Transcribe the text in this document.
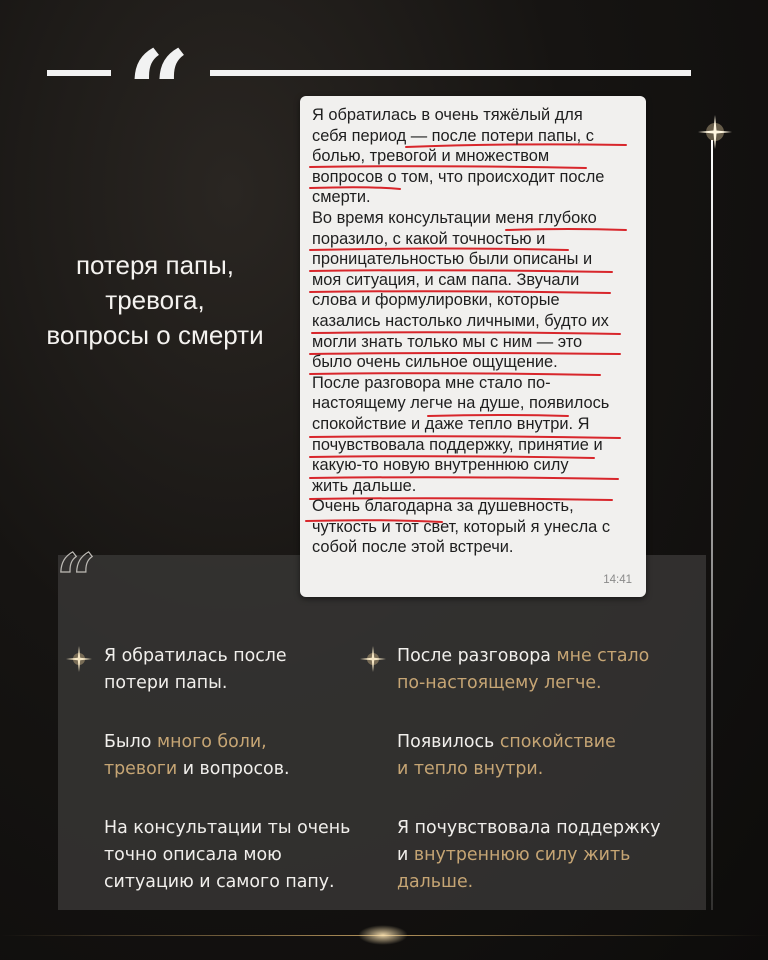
“
потеря папы,
тревога,
вопросы о смерти
“
Я обратилась в очень тяжёлый для
себя период — после потери папы, с
болью, тревогой и множеством
вопросов о том, что происходит после
смерти.
Во время консультации меня глубоко
поразило, с какой точностью и
проницательностью были описаны и
моя ситуация, и сам папа. Звучали
слова и формулировки, которые
казались настолько личными, будто их
могли знать только мы с ним — это
было очень сильное ощущение.
После разговора мне стало по-
настоящему легче на душе, появилось
спокойствие и даже тепло внутри. Я
почувствовала поддержку, принятие и
какую-то новую внутреннюю силу
жить дальше.
Очень благодарна за душевность,
чуткость и тот свет, который я унесла с
собой после этой встречи.
14:41
Я обратилась после
потери папы.
Было много боли,
тревоги и вопросов.
На консультации ты очень
точно описала мою
ситуацию и самого папу.
После разговора мне стало
по-настоящему легче.
Появилось спокойствие
и тепло внутри.
Я почувствовала поддержку
и внутреннюю силу жить
дальше.
